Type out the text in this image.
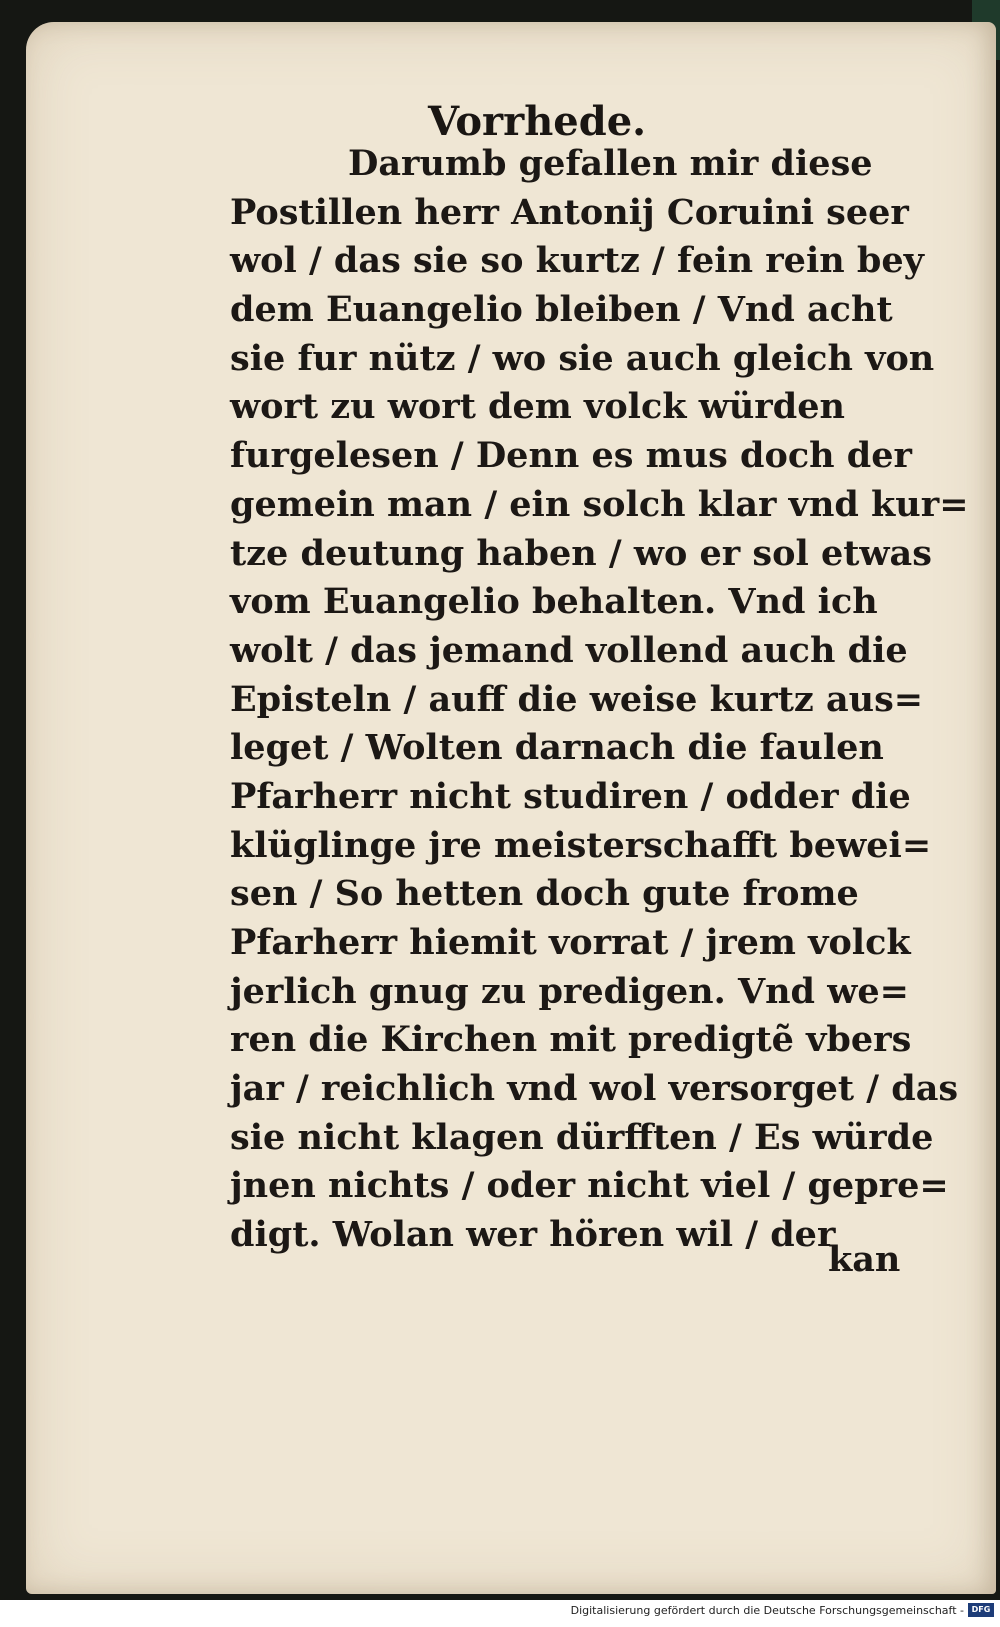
Vorrhede.
Darumb gefallen mir diese
Postillen herr Antonij Coruini seer
wol / das sie so kurtz / fein rein bey
dem Euangelio bleiben / Vnd acht
sie fur nütz / wo sie auch gleich von
wort zu wort dem volck würden
furgelesen / Denn es mus doch der
gemein man / ein solch klar vnd kur=
tze deutung haben / wo er sol etwas
vom Euangelio behalten. Vnd ich
wolt / das jemand vollend auch die
Episteln / auff die weise kurtz aus=
leget / Wolten darnach die faulen
Pfarherr nicht studiren / odder die
klüglinge jre meisterschafft bewei=
sen / So hetten doch gute frome
Pfarherr hiemit vorrat / jrem volck
jerlich gnug zu predigen. Vnd we=
ren die Kirchen mit predigtẽ vbers
jar / reichlich vnd wol versorget / das
sie nicht klagen dürfften / Es würde
jnen nichts / oder nicht viel / gepre=
digt. Wolan wer hören wil / der
kan
Digitalisierung gefördert durch die Deutsche Forschungsgemeinschaft - DFG
